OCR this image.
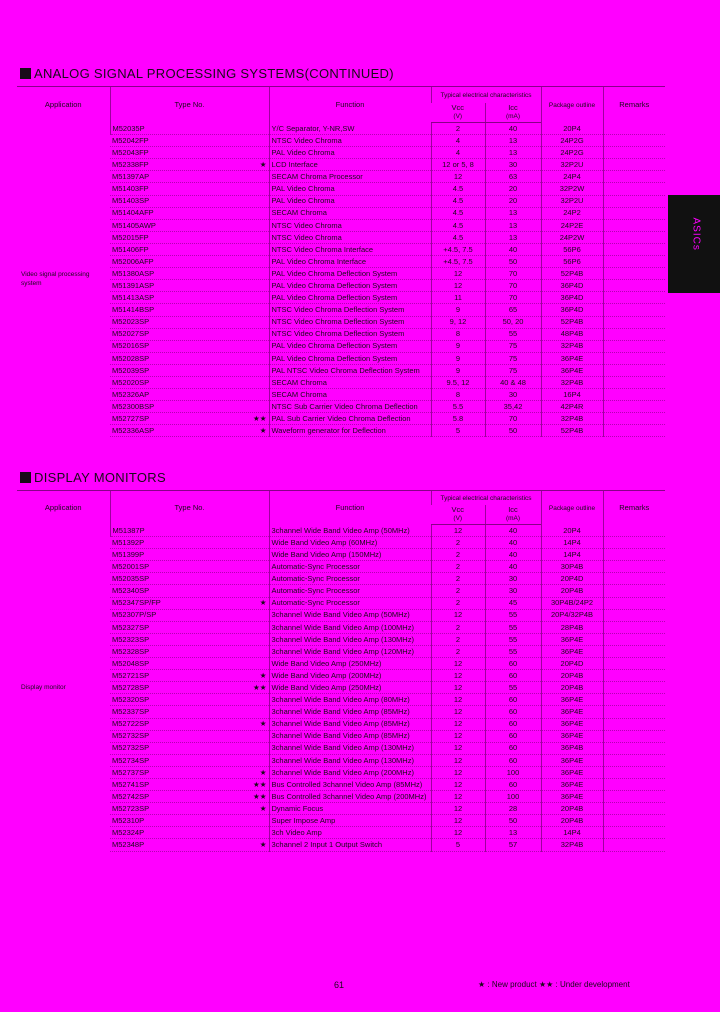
ANALOG SIGNAL PROCESSING SYSTEMS(CONTINUED)
Application	Type No.	Function	Typical electrical characteristics		Package outline	Remarks
			Vcc
(V)	Icc
(mA)		
Video signal processing system	M52035P	Y/C Separator, Y-NR,SW	2	40	20P4	
	M52042FP	NTSC Video Chroma	4	13	24P2G	
	M52043FP	PAL Video Chroma	4	13	24P2G	
	M52338FP ★	LCD Interface	12 or 5, 8	30	32P2U	
	M51397AP	SECAM Chroma Processor	12	63	24P4	
	M51403FP	PAL Video Chroma	4.5	20	32P2W	
	M51403SP	PAL Video Chroma	4.5	20	32P2U	
	M51404AFP	SECAM Chroma	4.5	13	24P2	
	M51405AWP	NTSC Video Chroma	4.5	13	24P2E	
	M52015FP	NTSC Video Chroma	4.5	13	24P2W	
	M51406FP	NTSC Video Chroma Interface	+4.5, 7.5	40	56P6	
	M52006AFP	PAL Video Chroma Interface	+4.5, 7.5	50	56P6	
	M51380ASP	PAL Video Chroma Deflection System	12	70	52P4B	
	M51391ASP	PAL Video Chroma Deflection System	12	70	36P4D	
	M51413ASP	PAL Video Chroma Deflection System	11	70	36P4D	
	M51414BSP	NTSC Video Chroma Deflection System	9	65	36P4D	
	M52023SP	NTSC Video Chroma Deflection System	9, 12	50, 20	52P4B	
	M52027SP	NTSC Video Chroma Deflection System	8	55	48P4B	
	M52016SP	PAL Video Chroma Deflection System	9	75	32P4B	
	M52028SP	PAL Video Chroma Deflection System	9	75	36P4E	
	M52039SP	PAL NTSC Video Chroma Deflection System	9	75	36P4E	
	M52020SP	SECAM Chroma	9.5, 12	40 & 48	32P4B	
	M52326AP	SECAM Chroma	8	30	16P4	
	M52300BSP	NTSC Sub Carrier Video Chroma Deflection	5.5	35,42	42P4R	
	M52727SP ★★	PAL Sub Carrier Video Chroma Deflection	5.8	70	32P4B	
	M52336ASP ★	Waveform generator for Deflection	5	50	52P4B	
DISPLAY MONITORS
Application	Type No.	Function	Typical electrical characteristics		Package outline	Remarks
			Vcc
(V)	Icc
(mA)		
Display monitor	M51387P	3channel Wide Band Video Amp (50MHz)	12	40	20P4	
	M51392P	Wide Band Video Amp (60MHz)	2	40	14P4	
	M51399P	Wide Band Video Amp (150MHz)	2	40	14P4	
	M52001SP	Automatic-Sync Processor	2	40	30P4B	
	M52035SP	Automatic-Sync Processor	2	30	20P4D	
	M52340SP	Automatic-Sync Processor	2	30	20P4B	
	M52347SP/FP ★	Automatic-Sync Processor	2	45	30P4B/24P2	
	M52307P/SP	3channel Wide Band Video Amp (50MHz)	12	55	20P4/32P4B	
	M52327SP	3channel Wide Band Video Amp (100MHz)	2	55	28P4B	
	M52323SP	3channel Wide Band Video Amp (130MHz)	2	55	36P4E	
	M52328SP	3channel Wide Band Video Amp (120MHz)	2	55	36P4E	
	M52048SP	Wide Band Video Amp (250MHz)	12	60	20P4D	
	M52721SP ★	Wide Band Video Amp (200MHz)	12	60	20P4B	
	M52728SP ★★	Wide Band Video Amp (250MHz)	12	55	20P4B	
	M52320SP	3channel Wide Band Video Amp (80MHz)	12	60	36P4E	
	M52337SP	3channel Wide Band Video Amp (85MHz)	12	60	36P4E	
	M52722SP ★	3channel Wide Band Video Amp (85MHz)	12	60	36P4E	
	M52732SP	3channel Wide Band Video Amp (85MHz)	12	60	36P4E	
	M52732SP	3channel Wide Band Video Amp (130MHz)	12	60	36P4B	
	M52734SP	3channel Wide Band Video Amp (130MHz)	12	60	36P4E	
	M52737SP ★	3channel Wide Band Video Amp (200MHz)	12	100	36P4E	
	M52741SP ★★	Bus Controlled 3channel Video Amp (85MHz)	12	60	36P4E	
	M52742SP ★★	Bus Controlled 3channel Video Amp (200MHz)	12	100	36P4E	
	M52723SP ★	Dynamic Focus	12	28	20P4B	
	M52310P	Super Impose Amp	12	50	20P4B	
	M52324P	3ch Video Amp	12	13	14P4	
	M52348P ★	3channel 2 Input 1 Output Switch	5	57	32P4B	
ASICs
61	★ : New product ★★ : Under development
